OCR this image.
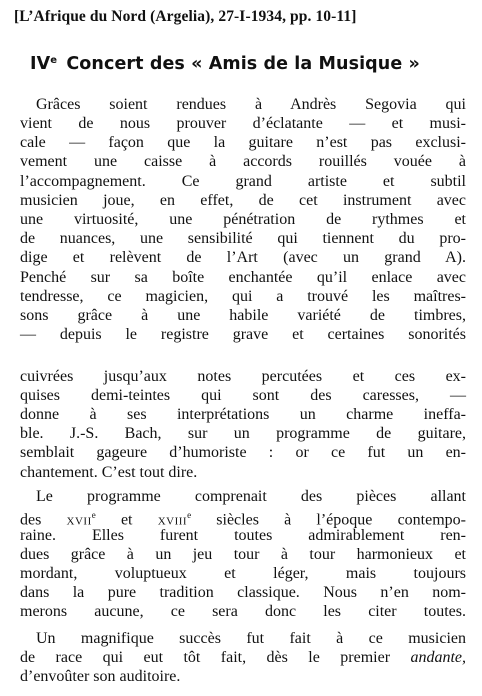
[L’Afrique du Nord (Argelia), 27-I-1934, pp. 10-11]
IVe Concert des « Amis de la Musique »
Grâces soient rendues à Andrès Segovia qui
vient de nous prouver d’éclatante — et musi-
cale — façon que la guitare n’est pas exclusi-
vement une caisse à accords rouillés vouée à
l’accompagnement. Ce grand artiste et subtil
musicien joue, en effet, de cet instrument avec
une virtuosité, une pénétration de rythmes et
de nuances, une sensibilité qui tiennent du pro-
dige et relèvent de l’Art (avec un grand A).
Penché sur sa boîte enchantée qu’il enlace avec
tendresse, ce magicien, qui a trouvé les maîtres-
sons grâce à une habile variété de timbres,
— depuis le registre grave et certaines sonorités
cuivrées jusqu’aux notes percutées et ces ex-
quises demi-teintes qui sont des caresses, —
donne à ses interprétations un charme ineffa-
ble. J.-S. Bach, sur un programme de guitare,
semblait gageure d’humoriste : or ce fut un en-
chantement. C’est tout dire.
Le programme comprenait des pièces allant
des xvii$^e$ et xviii$^e$ siècles à l’époque contempo-
raine. Elles furent toutes admirablement ren-
dues grâce à un jeu tour à tour harmonieux et
mordant, voluptueux et léger, mais toujours
dans la pure tradition classique. Nous n’en nom-
merons aucune, ce sera donc les citer toutes.
Un magnifique succès fut fait à ce musicien
de race qui eut tôt fait, dès le premier andante,
d’envoûter son auditoire.
